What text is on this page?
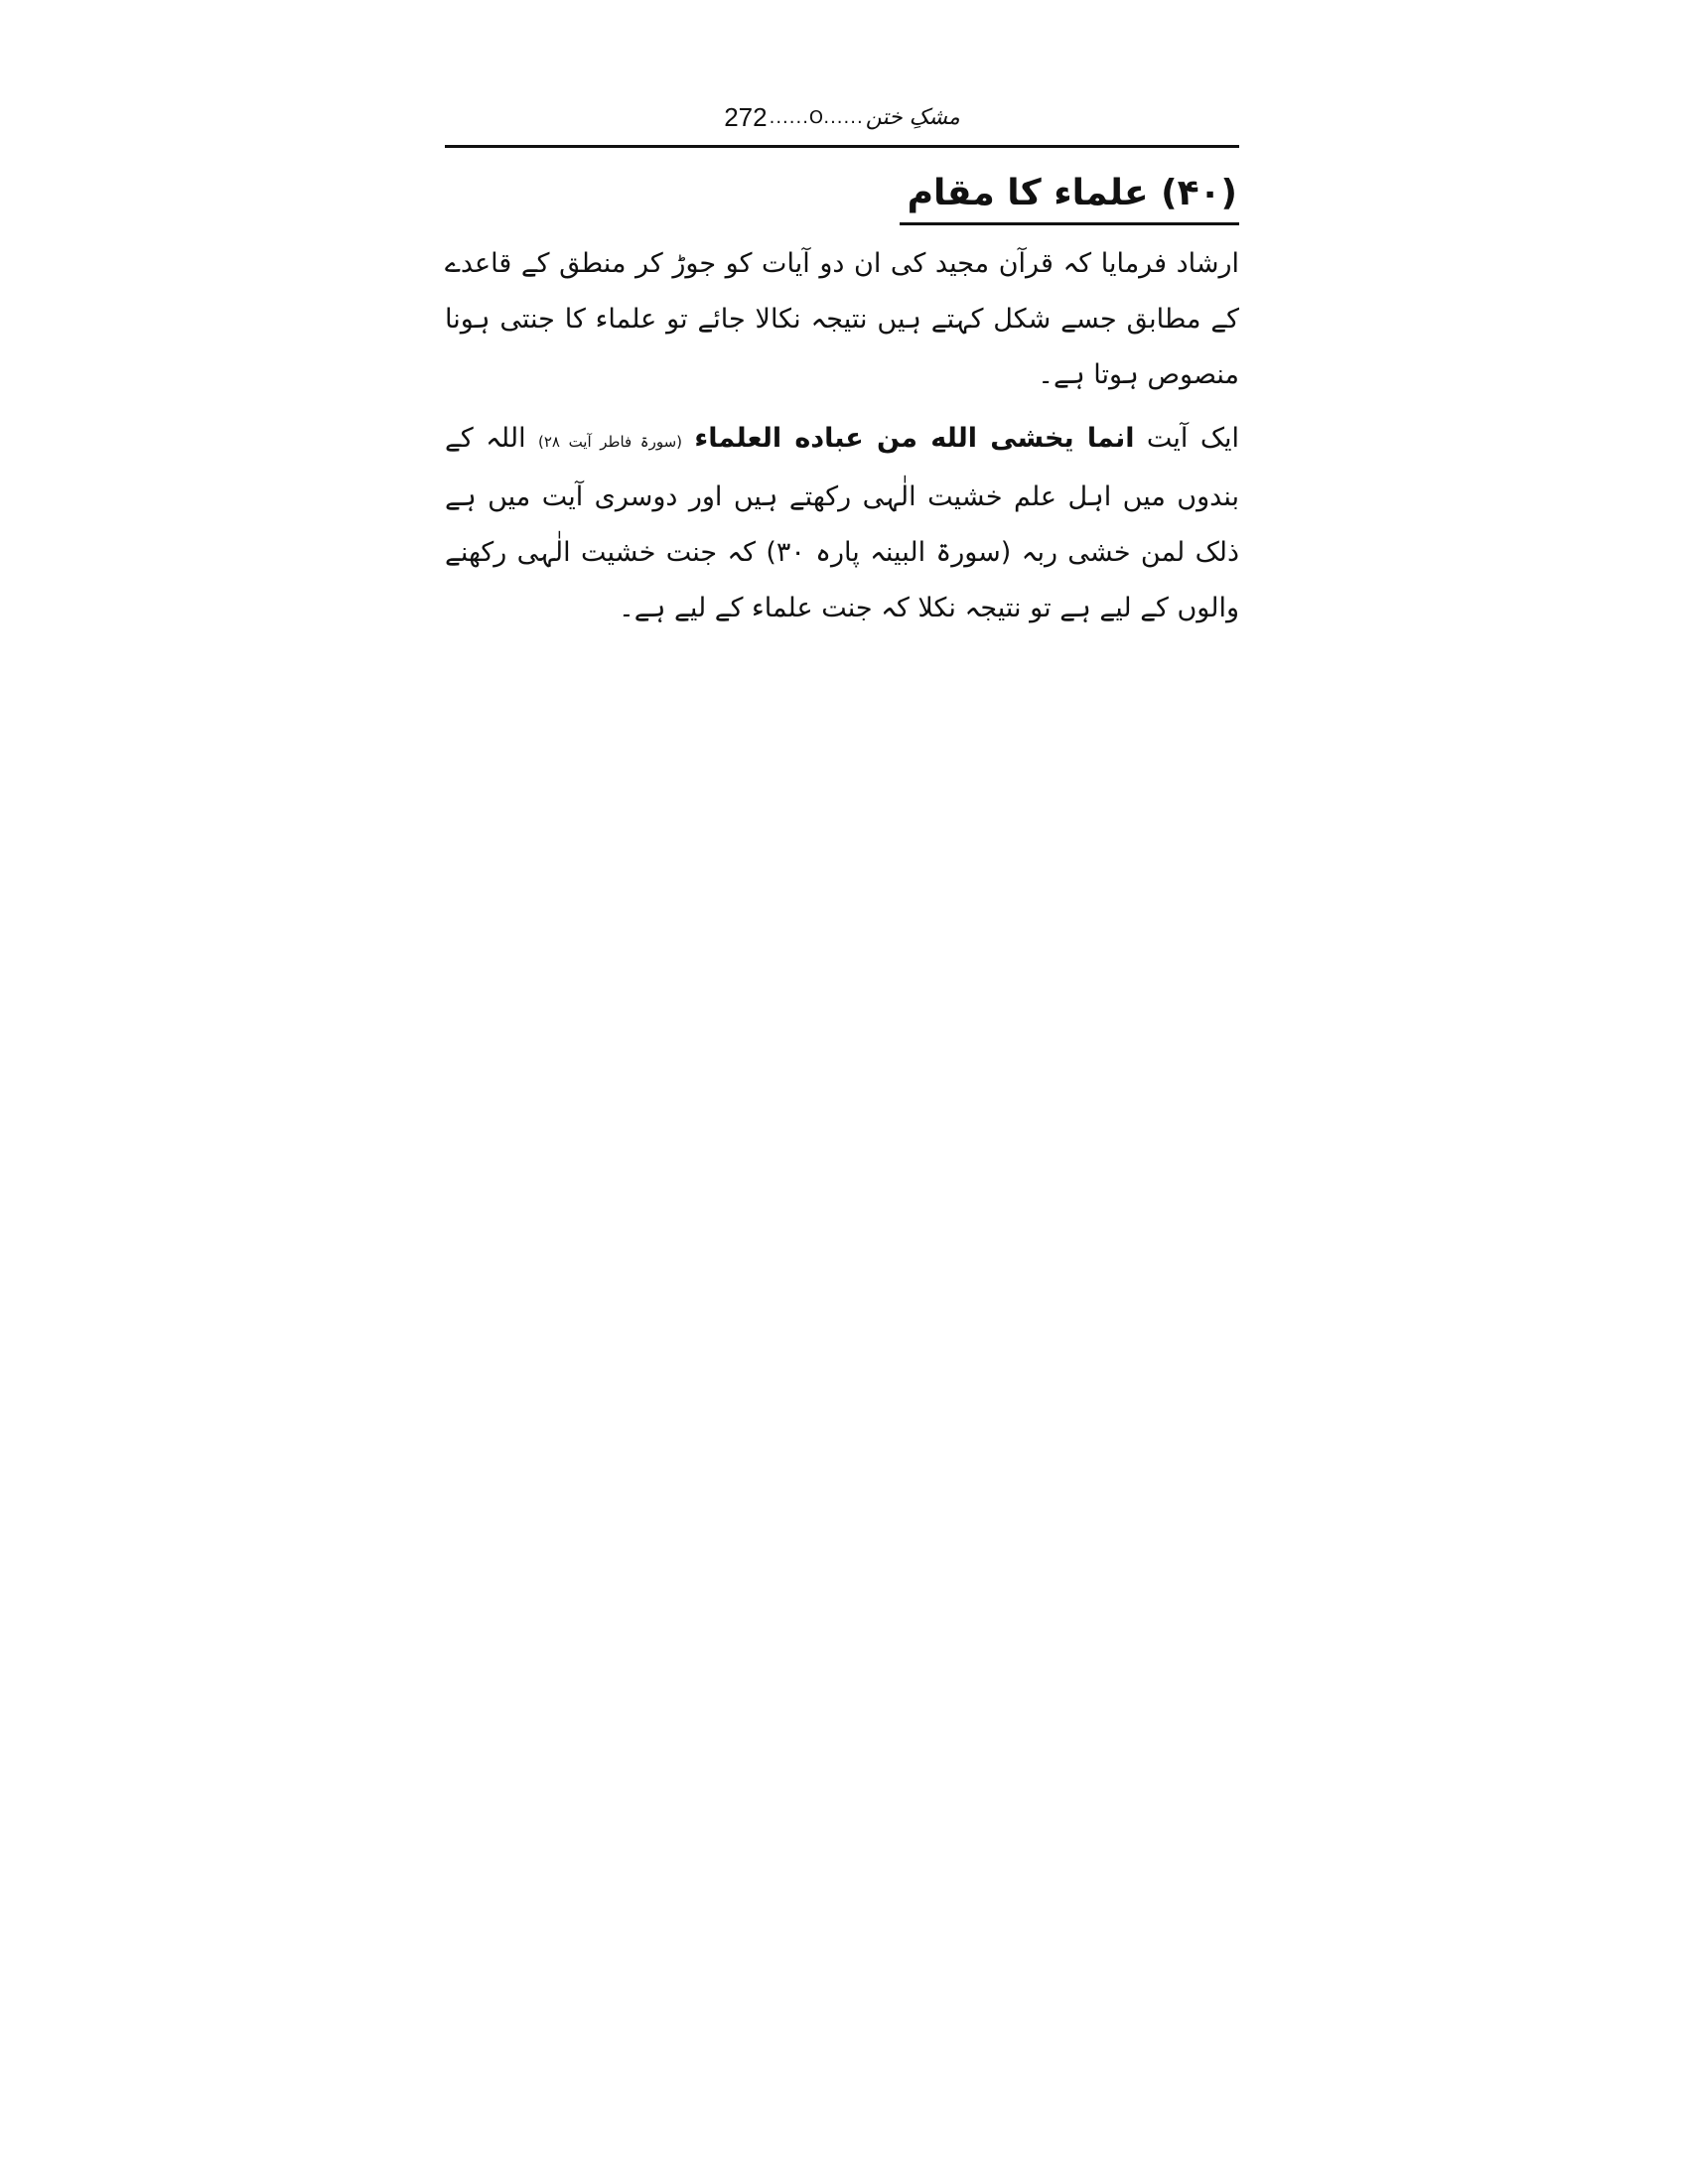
272 ......O...... مشکِ ختن
(۴۰) علماء کا مقام

ارشاد فرمایا کہ قرآن مجید کی ان دو آیات کو جوڑ کر منطق کے قاعدے کے مطابق جسے شکل کہتے ہیں نتیجہ نکالا جائے تو علماء کا جنتی ہونا منصوص ہوتا ہے۔

ایک آیت انما یخشی الله من عباده العلماء (سورۃ فاطر آیت ۲۸) اللہ کے بندوں میں اہل علم خشیت الٰہی رکھتے ہیں اور دوسری آیت میں ہے ذلک لمن خشی ربہ (سورۃ البینہ پارہ ۳۰) کہ جنت خشیت الٰہی رکھنے والوں کے لیے ہے تو نتیجہ نکلا کہ جنت علماء کے لیے ہے۔
